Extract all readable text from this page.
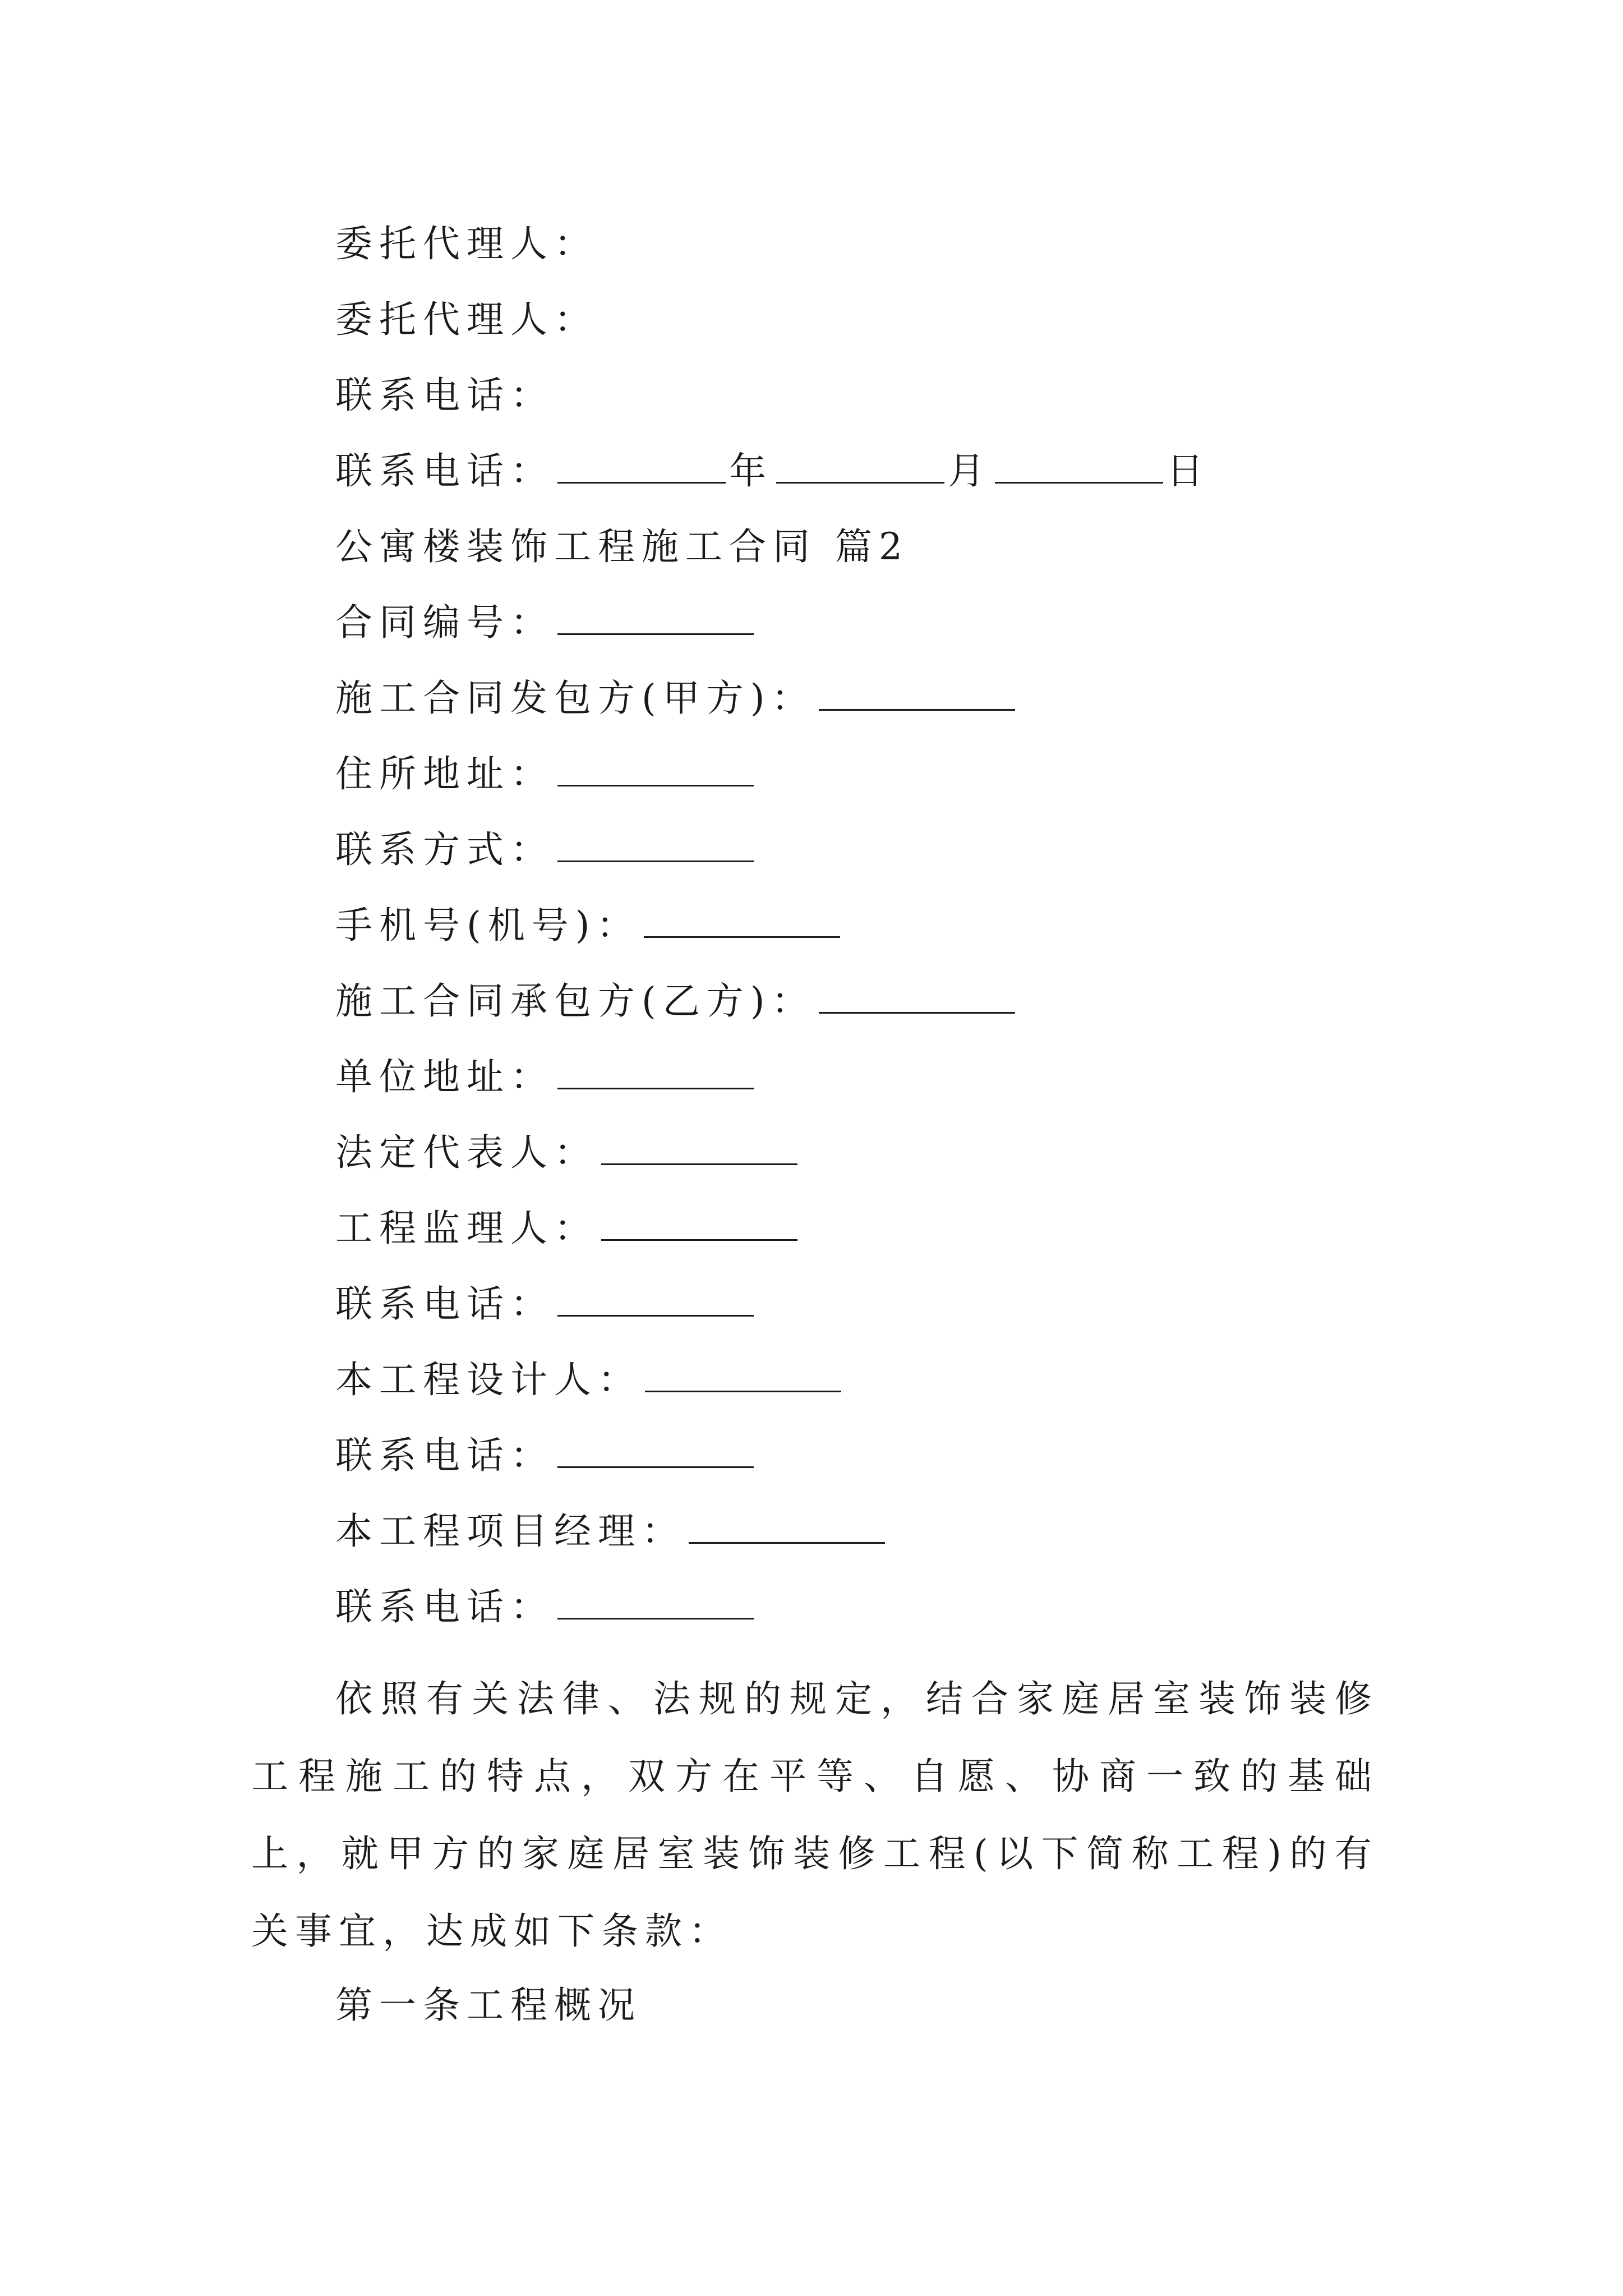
委托代理人：
委托代理人：
联系电话：
联系电话：	年	月	日
公寓楼装饰工程施工合同 篇2
合同编号：
施工合同发包方(甲方)：
住所地址：
联系方式：
手机号(机号)：
施工合同承包方(乙方)：
单位地址：
法定代表人：
工程监理人：
联系电话：
本工程设计人：
联系电话：
本工程项目经理：
联系电话：
依照有关法律、法规的规定，结合家庭居室装饰装修工程施工的特点，双方在平等、自愿、协商一致的基础上，就甲方的家庭居室装饰装修工程(以下简称工程)的有关事宜，达成如下条款：
第一条工程概况
